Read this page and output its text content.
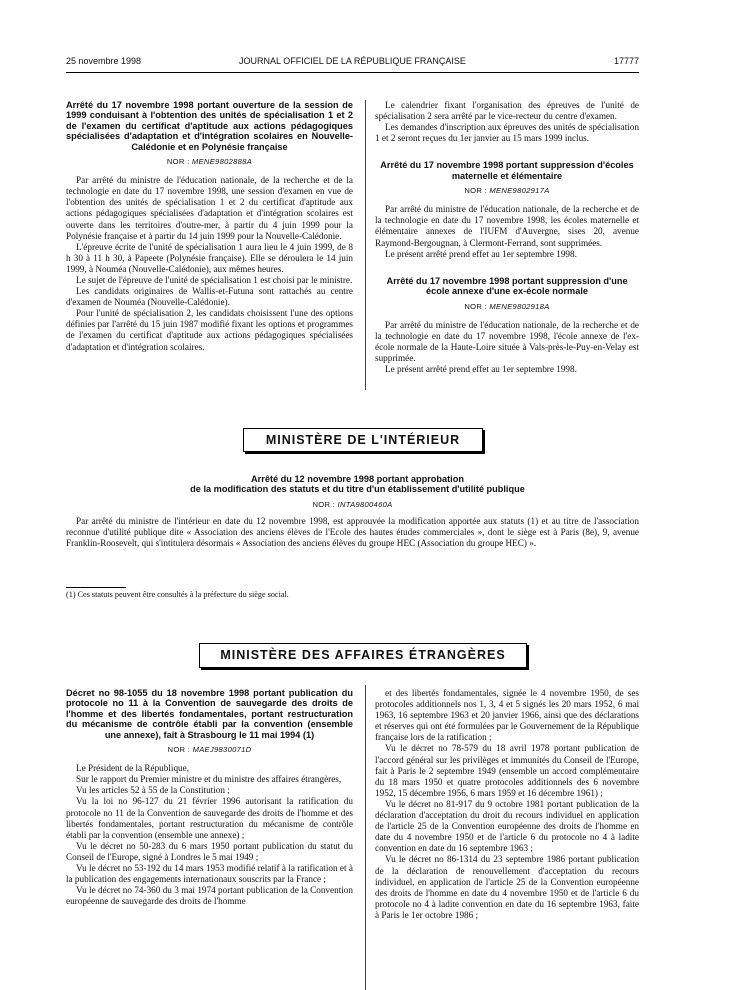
25 novembre 1998	JOURNAL OFFICIEL DE LA RÉPUBLIQUE FRANÇAISE	17777

Arrêté du 17 novembre 1998 portant ouverture de la session de 1999 conduisant à l'obtention des unités de spécialisation 1 et 2 de l'examen du certificat d'aptitude aux actions pédagogiques spécialisées d'adaptation et d'intégration scolaires en Nouvelle-Calédonie et en Polynésie française

NOR : MENE9802888A

Par arrêté du ministre de l'éducation nationale, de la recherche et de la technologie en date du 17 novembre 1998, une session d'examen en vue de l'obtention des unités de spécialisation 1 et 2 du certificat d'aptitude aux actions pédagogiques spécialisées d'adaptation et d'intégration scolaires est ouverte dans les territoires d'outre-mer, à partir du 4 juin 1999 pour la Polynésie française et à partir du 14 juin 1999 pour la Nouvelle-Calédonie.

L'épreuve écrite de l'unité de spécialisation 1 aura lieu le 4 juin 1999, de 8 h 30 à 11 h 30, à Papeete (Polynésie française). Elle se déroulera le 14 juin 1999, à Nouméa (Nouvelle-Calédonie), aux mêmes heures.

Le sujet de l'épreuve de l'unité de spécialisation 1 est choisi par le ministre.

Les candidats originaires de Wallis-et-Futuna sont rattachés au centre d'examen de Nouméa (Nouvelle-Calédonie).

Pour l'unité de spécialisation 2, les candidats choisissent l'une des options définies par l'arrêté du 15 juin 1987 modifié fixant les options et programmes de l'examen du certificat d'aptitude aux actions pédagogiques spécialisées d'adaptation et d'intégration scolaires.

Le calendrier fixant l'organisation des épreuves de l'unité de spécialisation 2 sera arrêté par le vice-recteur du centre d'examen.

Les demandes d'inscription aux épreuves des unités de spécialisation 1 et 2 seront reçues du 1er janvier au 15 mars 1999 inclus.

Arrêté du 17 novembre 1998 portant suppression d'écoles maternelle et élémentaire

NOR : MENE9802917A

Par arrêté du ministre de l'éducation nationale, de la recherche et de la technologie en date du 17 novembre 1998, les écoles maternelle et élémentaire annexes de l'IUFM d'Auvergne, sises 20, avenue Raymond-Bergougnan, à Clermont-Ferrand, sont supprimées.

Le présent arrêté prend effet au 1er septembre 1998.

Arrêté du 17 novembre 1998 portant suppression d'une école annexe d'une ex-école normale

NOR : MENE9802918A

Par arrêté du ministre de l'éducation nationale, de la recherche et de la technologie en date du 17 novembre 1998, l'école annexe de l'ex-école normale de la Haute-Loire située à Vals-près-le-Puy-en-Velay est supprimée.

Le présent arrêté prend effet au 1er septembre 1998.

MINISTÈRE DE L'INTÉRIEUR

Arrêté du 12 novembre 1998 portant approbation

de la modification des statuts et du titre d'un établissement d'utilité publique

NOR : INTA9800460A

Par arrêté du ministre de l'intérieur en date du 12 novembre 1998, est approuvée la modification apportée aux statuts (1) et au titre de l'association reconnue d'utilité publique dite « Association des anciens élèves de l'Ecole des hautes études commerciales », dont le siège est à Paris (8e), 9, avenue Franklin-Roosevelt, qui s'intitulera désormais « Association des anciens élèves du groupe HEC (Association du groupe HEC) ».

(1) Ces statuts peuvent être consultés à la préfecture du siège social.
MINISTÈRE DES AFFAIRES ÉTRANGÈRES

Décret no 98-1055 du 18 novembre 1998 portant publication du protocole no 11 à la Convention de sauvegarde des droits de l'homme et des libertés fondamentales, portant restructuration du mécanisme de contrôle établi par la convention (ensemble une annexe), fait à Strasbourg le 11 mai 1994 (1)

NOR : MAEJ9830071D

Le Président de la République,

Sur le rapport du Premier ministre et du ministre des affaires étrangères,

Vu les articles 52 à 55 de la Constitution ;

Vu la loi no 96-127 du 21 février 1996 autorisant la ratification du protocole no 11 de la Convention de sauvegarde des droits de l'homme et des libertés fondamentales, portant restructuration du mécanisme de contrôle établi par la convention (ensemble une annexe) ;

Vu le décret no 50-283 du 6 mars 1950 portant publication du statut du Conseil de l'Europe, signé à Londres le 5 mai 1949 ;

Vu le décret no 53-192 du 14 mars 1953 modifié relatif à la ratification et à la publication des engagements internationaux souscrits par la France ;

Vu le décret no 74-360 du 3 mai 1974 portant publication de la Convention européenne de sauvegarde des droits de l'homme

et des libertés fondamentales, signée le 4 novembre 1950, de ses protocoles additionnels nos 1, 3, 4 et 5 signés les 20 mars 1952, 6 mai 1963, 16 septembre 1963 et 20 janvier 1966, ainsi que des déclarations et réserves qui ont été formulées par le Gouvernement de la République française lors de la ratification ;

Vu le décret no 78-579 du 18 avril 1978 portant publication de l'accord général sur les privilèges et immunités du Conseil de l'Europe, fait à Paris le 2 septembre 1949 (ensemble un accord complémentaire du 18 mars 1950 et quatre protocoles additionnels des 6 novembre 1952, 15 décembre 1956, 6 mars 1959 et 16 décembre 1961) ;

Vu le décret no 81-917 du 9 octobre 1981 portant publication de la déclaration d'acceptation du droit du recours individuel en application de l'article 25 de la Convention européenne des droits de l'homme en date du 4 novembre 1950 et de l'article 6 du protocole no 4 à ladite convention en date du 16 septembre 1963 ;

Vu le décret no 86-1314 du 23 septembre 1986 portant publication de la déclaration de renouvellement d'acceptation du recours individuel, en application de l'article 25 de la Convention européenne des droits de l'homme en date du 4 novembre 1950 et de l'article 6 du protocole no 4 à ladite convention en date du 16 septembre 1963, faite à Paris le 1er octobre 1986 ;
